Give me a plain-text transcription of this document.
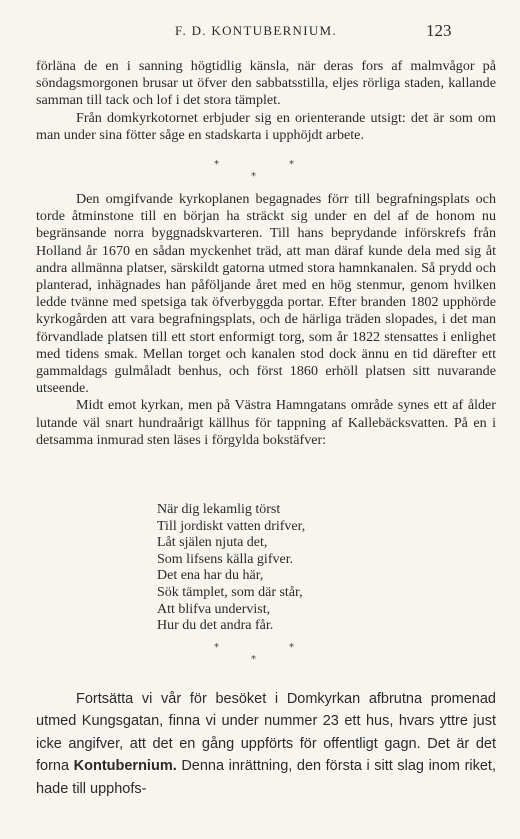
F. D. KONTUBERNIUM.	123

förläna de en i sanning högtidlig känsla, när deras fors af malmvågor på söndagsmorgonen brusar ut öfver den sabbatsstilla, eljes rörliga staden, kallande samman till tack och lof i det stora tämplet.

Från domkyrkotornet erbjuder sig en orienterande utsigt: det är som om man under sina fötter såge en stadskarta i upphöjdt arbete.

*	*
*

Den omgifvande kyrkoplanen begagnades förr till begrafningsplats och torde åtminstone till en början ha sträckt sig under en del af de honom nu begränsande norra byggnadskvarteren. Till hans beprydande införskrefs från Holland år 1670 en sådan myckenhet träd, att man däraf kunde dela med sig åt andra allmänna platser, särskildt gatorna utmed stora hamnkanalen. Så prydd och planterad, inhägnades han påföljande året med en hög stenmur, genom hvilken ledde tvänne med spetsiga tak öfverbyggda portar. Efter branden 1802 upphörde kyrkogården att vara begrafningsplats, och de härliga träden slopades, i det man förvandlade platsen till ett stort enformigt torg, som år 1822 stensattes i enlighet med tidens smak. Mellan torget och kanalen stod dock ännu en tid därefter ett gammaldags gulmåladt benhus, och först 1860 erhöll platsen sitt nuvarande utseende.

Midt emot kyrkan, men på Västra Hamngatans område synes ett af ålder lutande väl snart hundraårigt källhus för tappning af Kallebäcksvatten. På en i detsamma inmurad sten läses i förgylda bokstäfver:

När dig lekamlig törst
Till jordiskt vatten drifver,
Låt själen njuta det,
Som lifsens källa gifver.
Det ena har du här,
Sök tämplet, som där står,
Att blifva undervist,
Hur du det andra får.
*	*
*

Fortsätta vi vår för besöket i Domkyrkan afbrutna promenad utmed Kungsgatan, finna vi under nummer 23 ett hus, hvars yttre just icke angifver, att det en gång uppförts för offentligt gagn. Det är det forna Kontubernium. Denna inrättning, den första i sitt slag inom riket, hade till upphofs-
